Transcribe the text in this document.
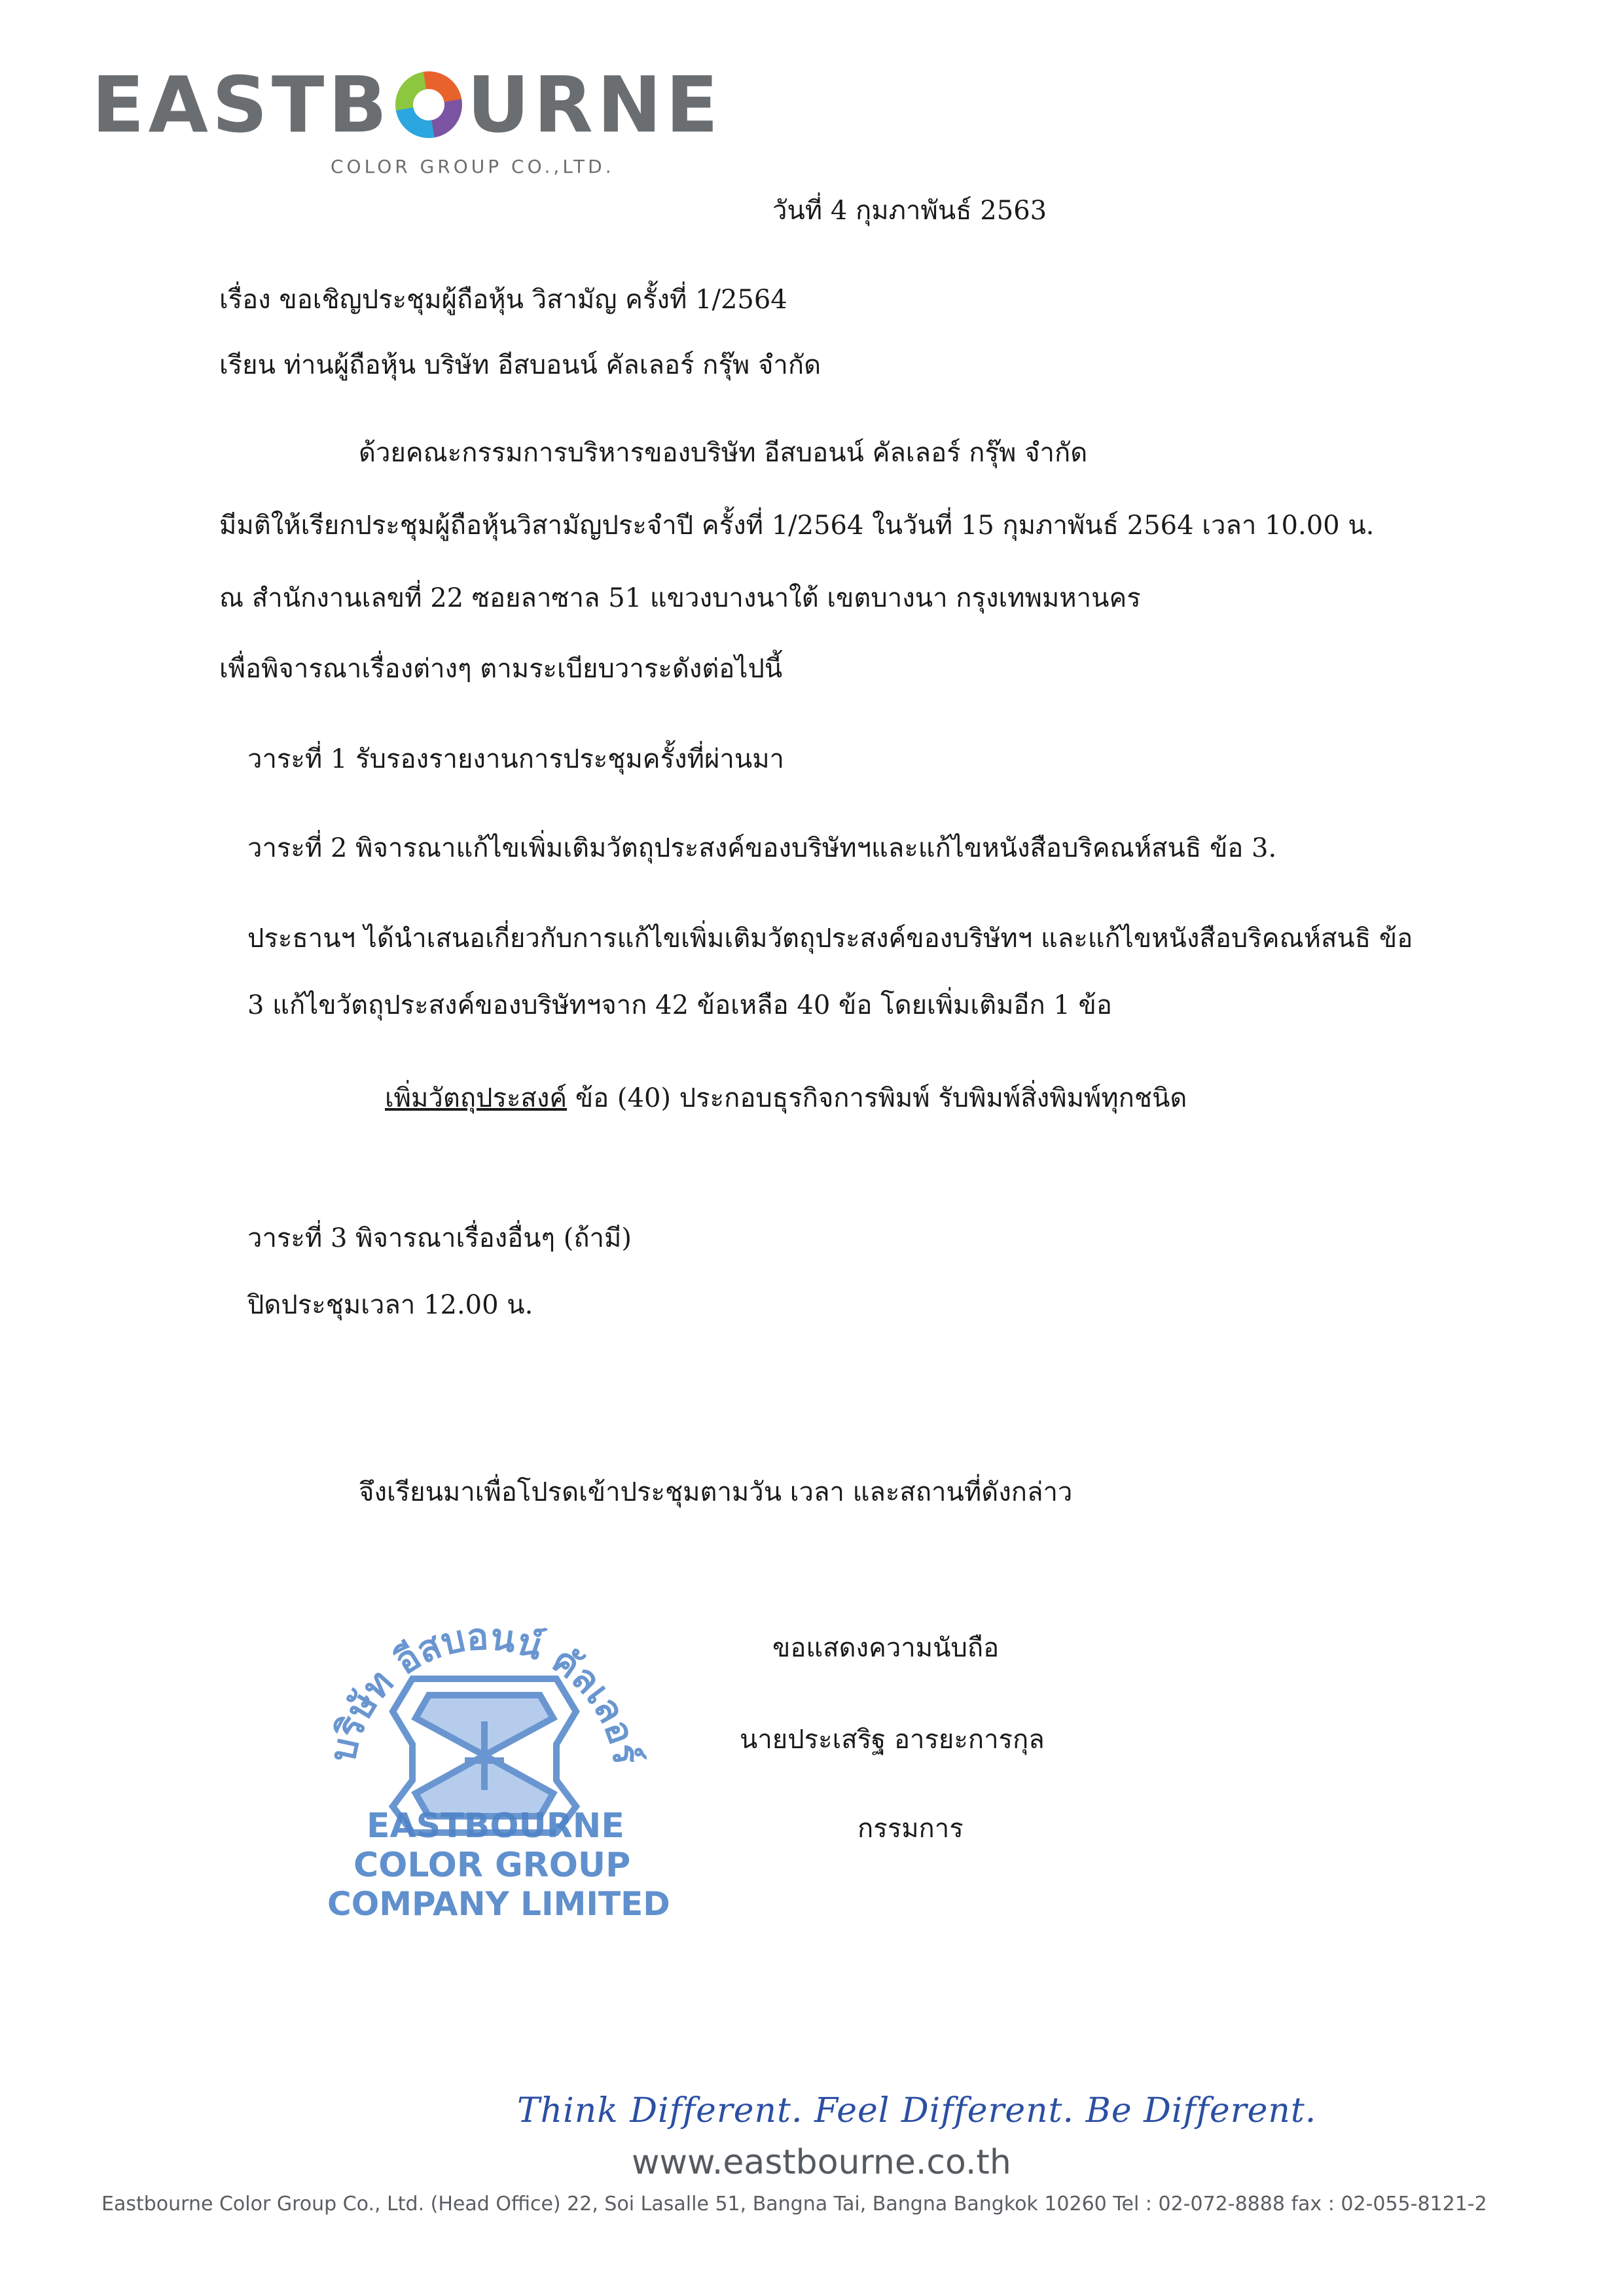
EASTB URNE
COLOR GROUP CO.,LTD.
วันที่ 4 กุมภาพันธ์ 2563
เรื่อง ขอเชิญประชุมผู้ถือหุ้น วิสามัญ ครั้งที่ 1/2564
เรียน ท่านผู้ถือหุ้น บริษัท อีสบอนน์ คัลเลอร์ กรุ๊พ จำกัด
ด้วยคณะกรรมการบริหารของบริษัท อีสบอนน์ คัลเลอร์ กรุ๊พ จำกัด
มีมติให้เรียกประชุมผู้ถือหุ้นวิสามัญประจำปี ครั้งที่ 1/2564 ในวันที่ 15 กุมภาพันธ์ 2564 เวลา 10.00 น.
ณ สำนักงานเลขที่ 22 ซอยลาซาล 51 แขวงบางนาใต้ เขตบางนา กรุงเทพมหานคร
เพื่อพิจารณาเรื่องต่างๆ ตามระเบียบวาระดังต่อไปนี้
วาระที่ 1 รับรองรายงานการประชุมครั้งที่ผ่านมา
วาระที่ 2 พิจารณาแก้ไขเพิ่มเติมวัตถุประสงค์ของบริษัทฯและแก้ไขหนังสือบริคณห์สนธิ ข้อ 3.
ประธานฯ ได้นำเสนอเกี่ยวกับการแก้ไขเพิ่มเติมวัตถุประสงค์ของบริษัทฯ และแก้ไขหนังสือบริคณห์สนธิ ข้อ
3 แก้ไขวัตถุประสงค์ของบริษัทฯจาก 42 ข้อเหลือ 40 ข้อ โดยเพิ่มเติมอีก 1 ข้อ
เพิ่มวัตถุประสงค์ ข้อ (40) ประกอบธุรกิจการพิมพ์ รับพิมพ์สิ่งพิมพ์ทุกชนิด
วาระที่ 3 พิจารณาเรื่องอื่นๆ (ถ้ามี)
ปิดประชุมเวลา 12.00 น.
จึงเรียนมาเพื่อโปรดเข้าประชุมตามวัน เวลา และสถานที่ดังกล่าว
บริษัท อีสบอนน์ คัลเลอร์
EASTBOURNE
COLOR GROUP
COMPANY LIMITED
ขอแสดงความนับถือ
นายประเสริฐ อารยะการกุล
กรรมการ
Think Different. Feel Different. Be Different.
www.eastbourne.co.th
Eastbourne Color Group Co., Ltd. (Head Office) 22, Soi Lasalle 51, Bangna Tai, Bangna Bangkok 10260 Tel : 02-072-8888 fax : 02-055-8121-2
